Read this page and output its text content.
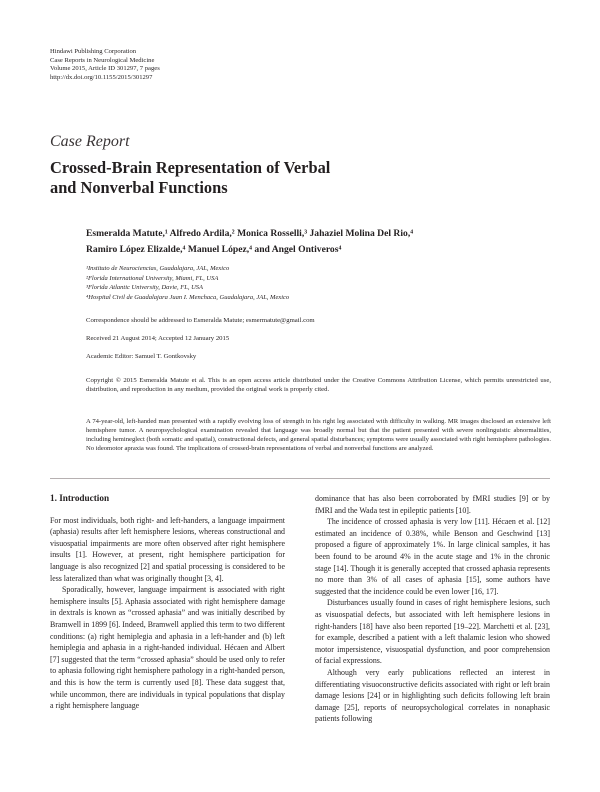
Hindawi Publishing Corporation
Case Reports in Neurological Medicine
Volume 2015, Article ID 301297, 7 pages
http://dx.doi.org/10.1155/2015/301297
Case Report
Crossed-Brain Representation of Verbal
and Nonverbal Functions
Esmeralda Matute,¹ Alfredo Ardila,² Monica Rosselli,³ Jahaziel Molina Del Rio,⁴
Ramiro López Elizalde,⁴ Manuel López,⁴ and Angel Ontiveros⁴
¹Instituto de Neurociencias, Guadalajara, JAL, Mexico
²Florida International University, Miami, FL, USA
³Florida Atlantic University, Davie, FL, USA
⁴Hospital Civil de Guadalajara Juan I. Menchaca, Guadalajara, JAL, Mexico
Correspondence should be addressed to Esmeralda Matute; esmermatute@gmail.com
Received 21 August 2014; Accepted 12 January 2015
Academic Editor: Samuel T. Gontkovsky
Copyright © 2015 Esmeralda Matute et al. This is an open access article distributed under the Creative Commons Attribution License, which permits unrestricted use, distribution, and reproduction in any medium, provided the original work is properly cited.
A 74-year-old, left-handed man presented with a rapidly evolving loss of strength in his right leg associated with difficulty in walking. MR images disclosed an extensive left hemisphere tumor. A neuropsychological examination revealed that language was broadly normal but that the patient presented with severe nonlinguistic abnormalities, including hemineglect (both somatic and spatial), constructional defects, and general spatial disturbances; symptoms were usually associated with right hemisphere pathologies. No ideomotor apraxia was found. The implications of crossed-brain representations of verbal and nonverbal functions are analyzed.
1. Introduction

For most individuals, both right- and left-handers, a language impairment (aphasia) results after left hemisphere lesions, whereas constructional and visuospatial impairments are more often observed after right hemisphere insults [1]. However, at present, right hemisphere participation for language is also recognized [2] and spatial processing is considered to be less lateralized than what was originally thought [3, 4].

Sporadically, however, language impairment is associated with right hemisphere insults [5]. Aphasia associated with right hemisphere damage in dextrals is known as “crossed aphasia” and was initially described by Bramwell in 1899 [6]. Indeed, Bramwell applied this term to two different conditions: (a) right hemiplegia and aphasia in a left-hander and (b) left hemiplegia and aphasia in a right-handed individual. Hécaen and Albert [7] suggested that the term “crossed aphasia” should be used only to refer to aphasia following right hemisphere pathology in a right-handed person, and this is how the term is currently used [8]. These data suggest that, while uncommon, there are individuals in typical populations that display a right hemisphere language

dominance that has also been corroborated by fMRI studies [9] or by fMRI and the Wada test in epileptic patients [10].

The incidence of crossed aphasia is very low [11]. Hécaen et al. [12] estimated an incidence of 0.38%, while Benson and Geschwind [13] proposed a figure of approximately 1%. In large clinical samples, it has been found to be around 4% in the acute stage and 1% in the chronic stage [14]. Though it is generally accepted that crossed aphasia represents no more than 3% of all cases of aphasia [15], some authors have suggested that the incidence could be even lower [16, 17].

Disturbances usually found in cases of right hemisphere lesions, such as visuospatial defects, but associated with left hemisphere lesions in right-handers [18] have also been reported [19–22]. Marchetti et al. [23], for example, described a patient with a left thalamic lesion who showed motor impersistence, visuospatial dysfunction, and poor comprehension of facial expressions.

Although very early publications reflected an interest in differentiating visuoconstructive deficits associated with right or left brain damage lesions [24] or in highlighting such deficits following left brain damage [25], reports of neuropsychological correlates in nonaphasic patients following
